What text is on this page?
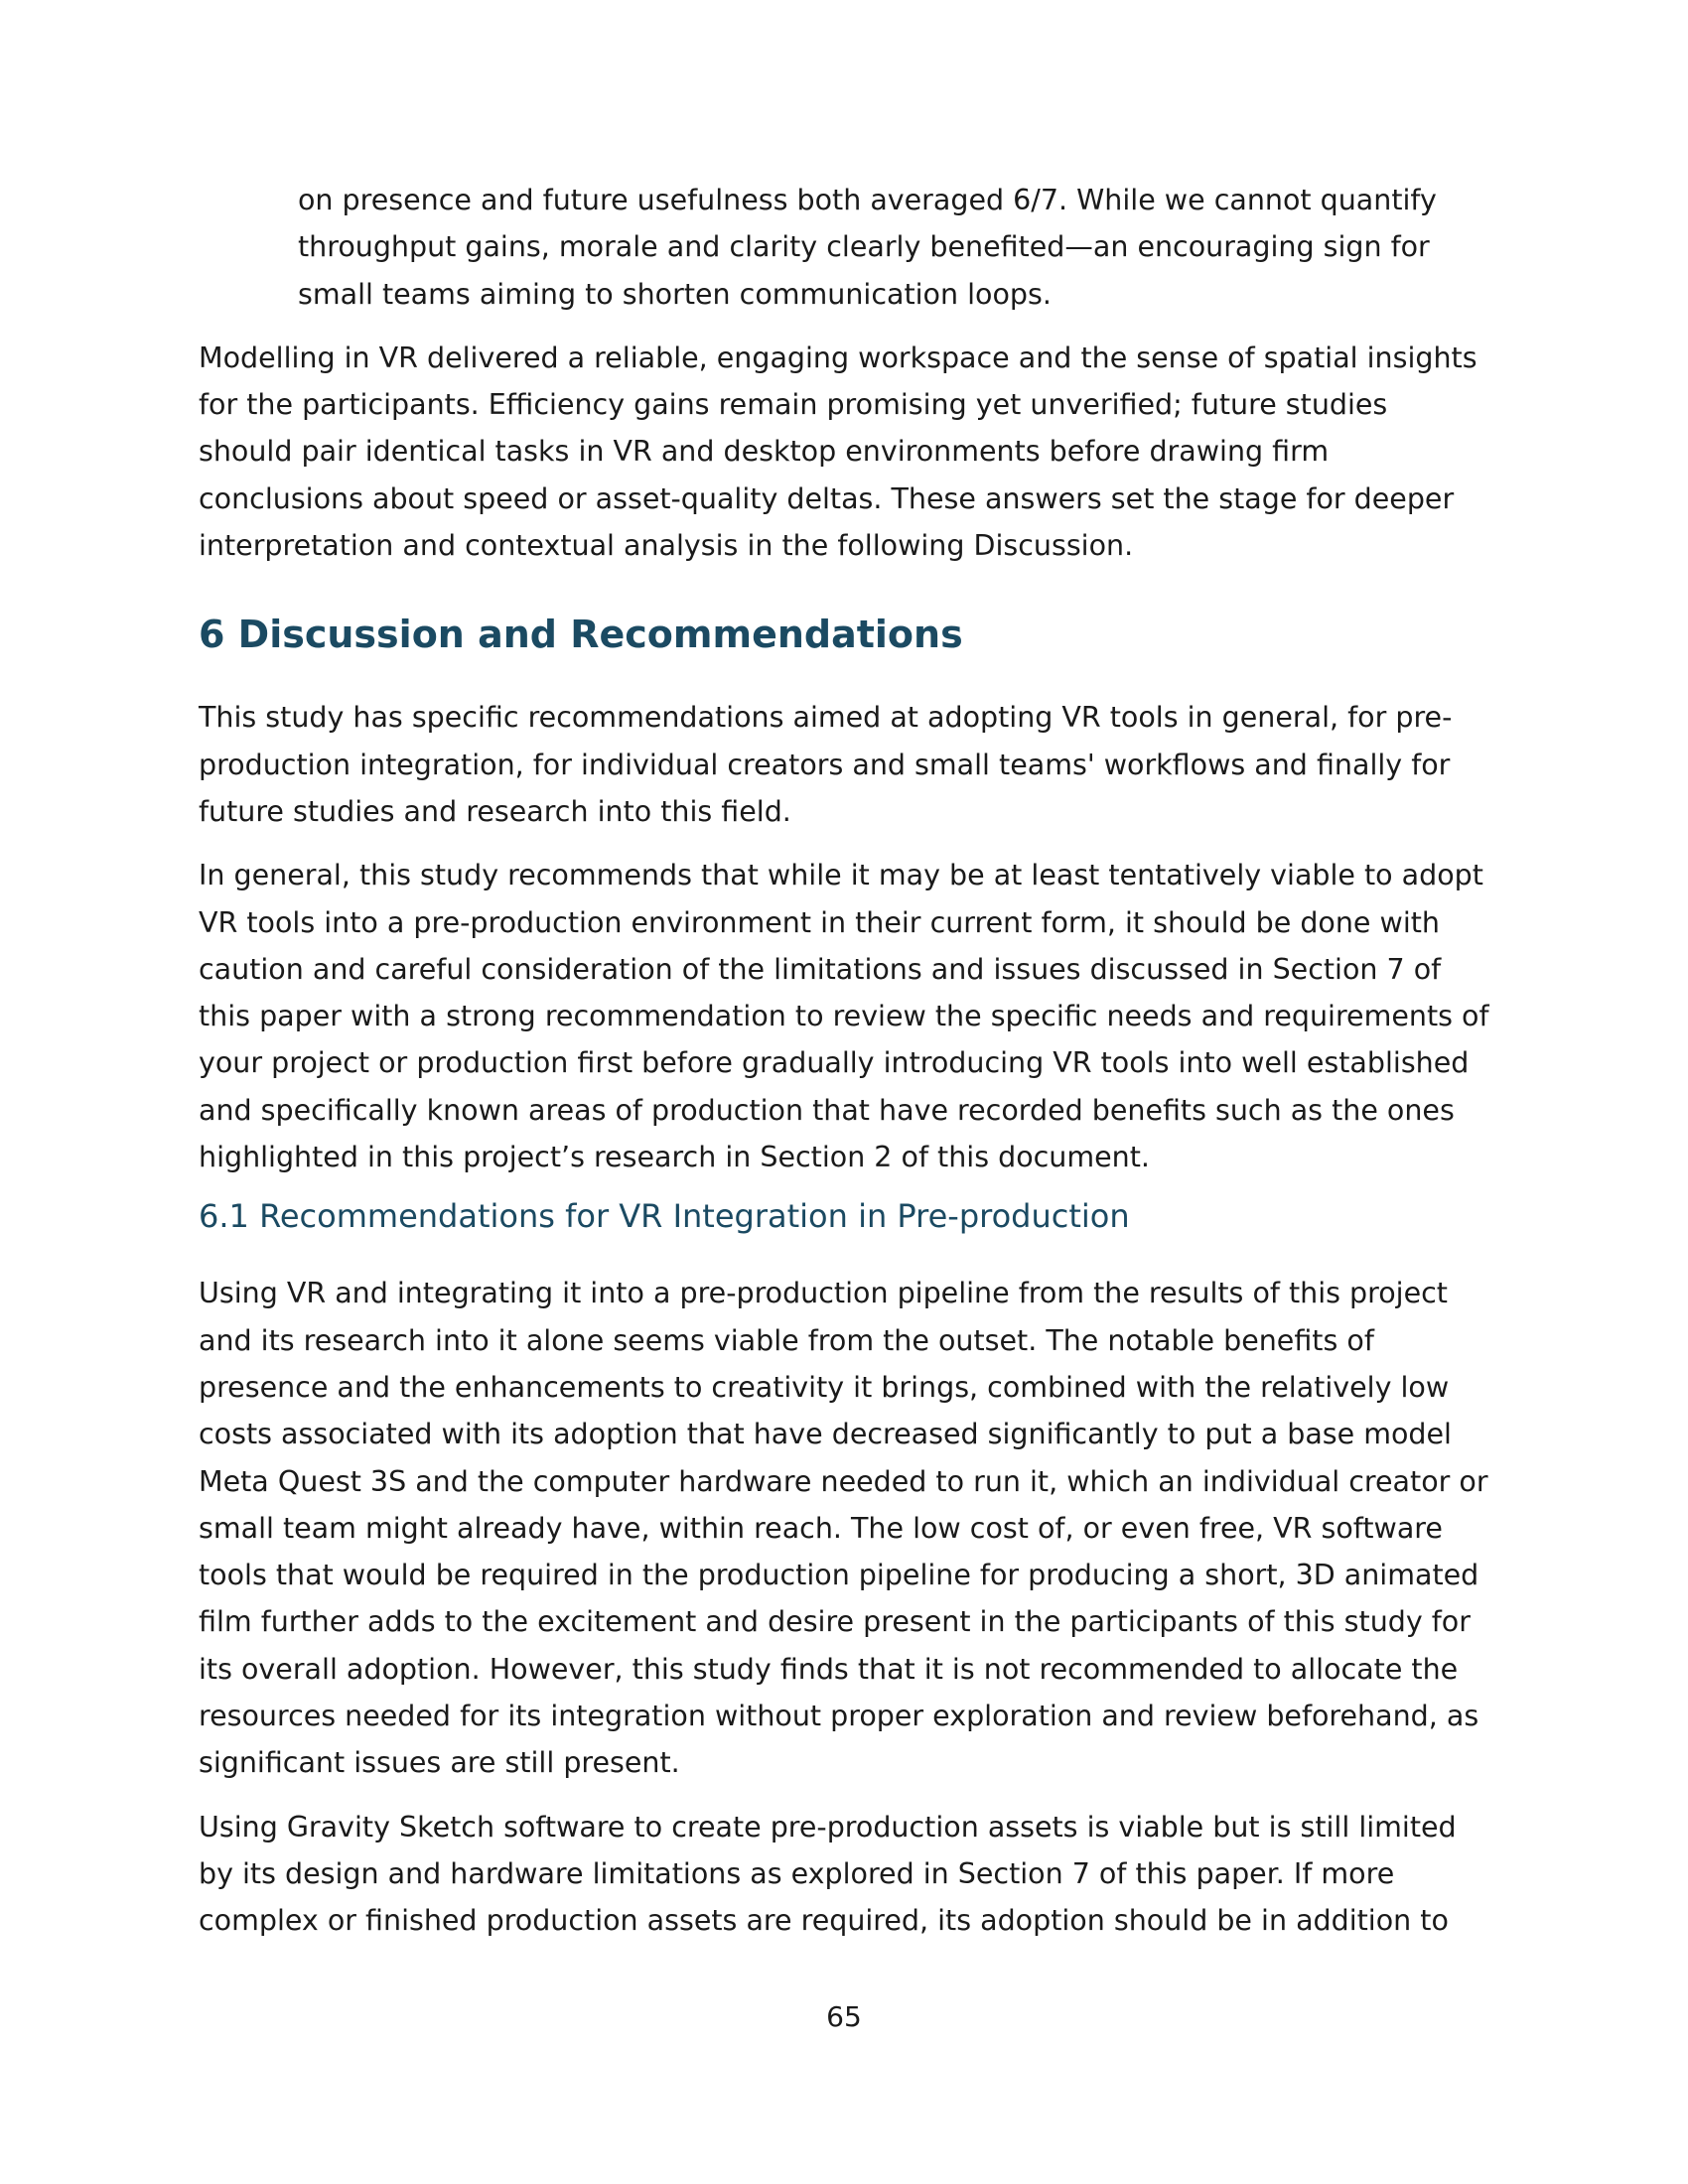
on presence and future usefulness both averaged 6/7. While we cannot quantify throughput gains, morale and clarity clearly benefited—an encouraging sign for small teams aiming to shorten communication loops.

Modelling in VR delivered a reliable, engaging workspace and the sense of spatial insights for the participants. Efficiency gains remain promising yet unverified; future studies should pair identical tasks in VR and desktop environments before drawing firm conclusions about speed or asset-quality deltas. These answers set the stage for deeper interpretation and contextual analysis in the following Discussion.

6 Discussion and Recommendations

This study has specific recommendations aimed at adopting VR tools in general, for pre-production integration, for individual creators and small teams' workflows and finally for future studies and research into this field.

In general, this study recommends that while it may be at least tentatively viable to adopt VR tools into a pre-production environment in their current form, it should be done with caution and careful consideration of the limitations and issues discussed in Section 7 of this paper with a strong recommendation to review the specific needs and requirements of your project or production first before gradually introducing VR tools into well established and specifically known areas of production that have recorded benefits such as the ones highlighted in this project’s research in Section 2 of this document.

6.1 Recommendations for VR Integration in Pre-production

Using VR and integrating it into a pre-production pipeline from the results of this project and its research into it alone seems viable from the outset. The notable benefits of presence and the enhancements to creativity it brings, combined with the relatively low costs associated with its adoption that have decreased significantly to put a base model Meta Quest 3S and the computer hardware needed to run it, which an individual creator or small team might already have, within reach. The low cost of, or even free, VR software tools that would be required in the production pipeline for producing a short, 3D animated film further adds to the excitement and desire present in the participants of this study for its overall adoption. However, this study finds that it is not recommended to allocate the resources needed for its integration without proper exploration and review beforehand, as significant issues are still present.

Using Gravity Sketch software to create pre-production assets is viable but is still limited by its design and hardware limitations as explored in Section 7 of this paper. If more complex or finished production assets are required, its adoption should be in addition to

65
